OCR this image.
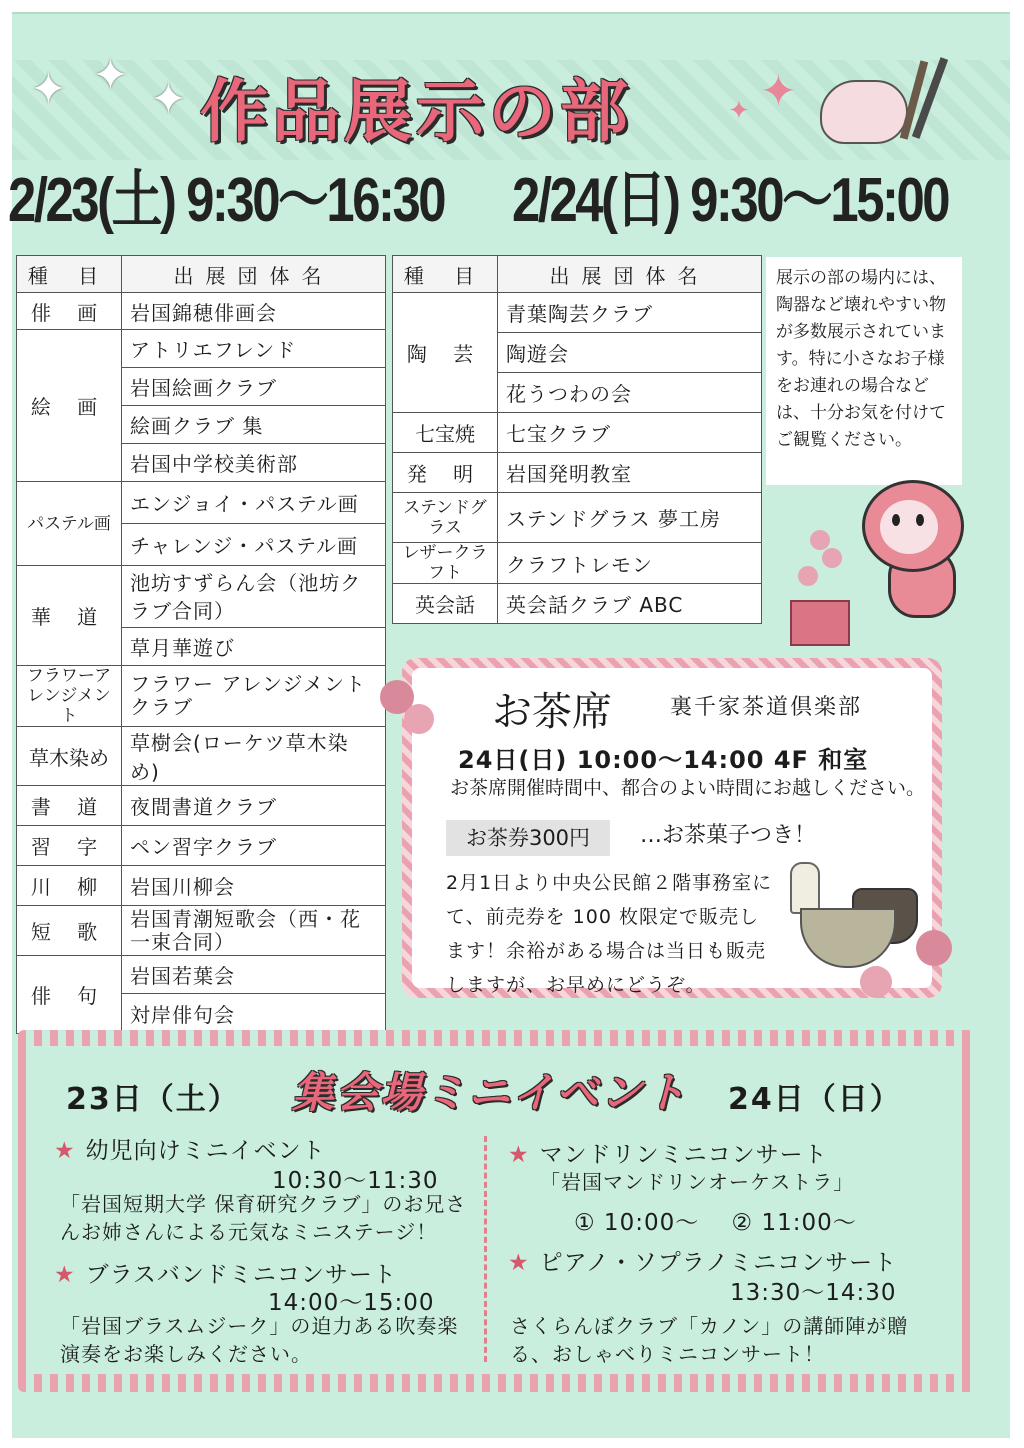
✦ ✦ ✦	✦
✦
作品展示の部
2/23(土) 9:30～16:30 2/24(日) 9:30～15:00
種 目	出展団体名
俳 画	岩国錦穂俳画会
絵 画	アトリエフレンド
	岩国絵画クラブ
	絵画クラブ 集
	岩国中学校美術部
パステル画	エンジョイ・パステル画
	チャレンジ・パステル画
華 道	池坊すずらん会（池坊クラブ合同）
	草月華遊び
フラワーアレンジメント	フラワー アレンジメントクラブ
草木染め	草樹会(ローケツ草木染め)
書 道	夜間書道クラブ
習 字	ペン習字クラブ
川 柳	岩国川柳会
短 歌	岩国青潮短歌会（西・花一束合同）
俳 句	岩国若葉会
	対岸俳句会
種 目	出展団体名
陶 芸	青葉陶芸クラブ
	陶遊会
	花うつわの会
七宝焼	七宝クラブ
発 明	岩国発明教室
ステンドグラス	ステンドグラス 夢工房
レザークラフト	クラフトレモン
英会話	英会話クラブ ABC
展示の部の場内には、陶器など壊れやすい物が多数展示されています。特に小さなお子様をお連れの場合などは、十分お気を付けてご観覧ください。
お茶席	裏千家茶道倶楽部
24日(日) 10:00～14:00 4F 和室
お茶席開催時間中、都合のよい時間にお越しください。
お茶券300円	…お茶菓子つき！
2月1日より中央公民館２階事務室にて、前売券を 100 枚限定で販売します！余裕がある場合は当日も販売しますが、お早めにどうぞ。
23日（土） 集会場ミニイベント 24日（日）
★ 幼児向けミニイベント
10:30～11:30
「岩国短期大学 保育研究クラブ」のお兄さんお姉さんによる元気なミニステージ！
★ ブラスバンドミニコンサート
14:00～15:00
「岩国ブラスムジーク」の迫力ある吹奏楽演奏をお楽しみください。
★ マンドリンミニコンサート
「岩国マンドリンオーケストラ」
① 10:00～　 ② 11:00～
★ ピアノ・ソプラノミニコンサート
13:30～14:30
さくらんぼクラブ「カノン」の講師陣が贈る、おしゃべりミニコンサート！
